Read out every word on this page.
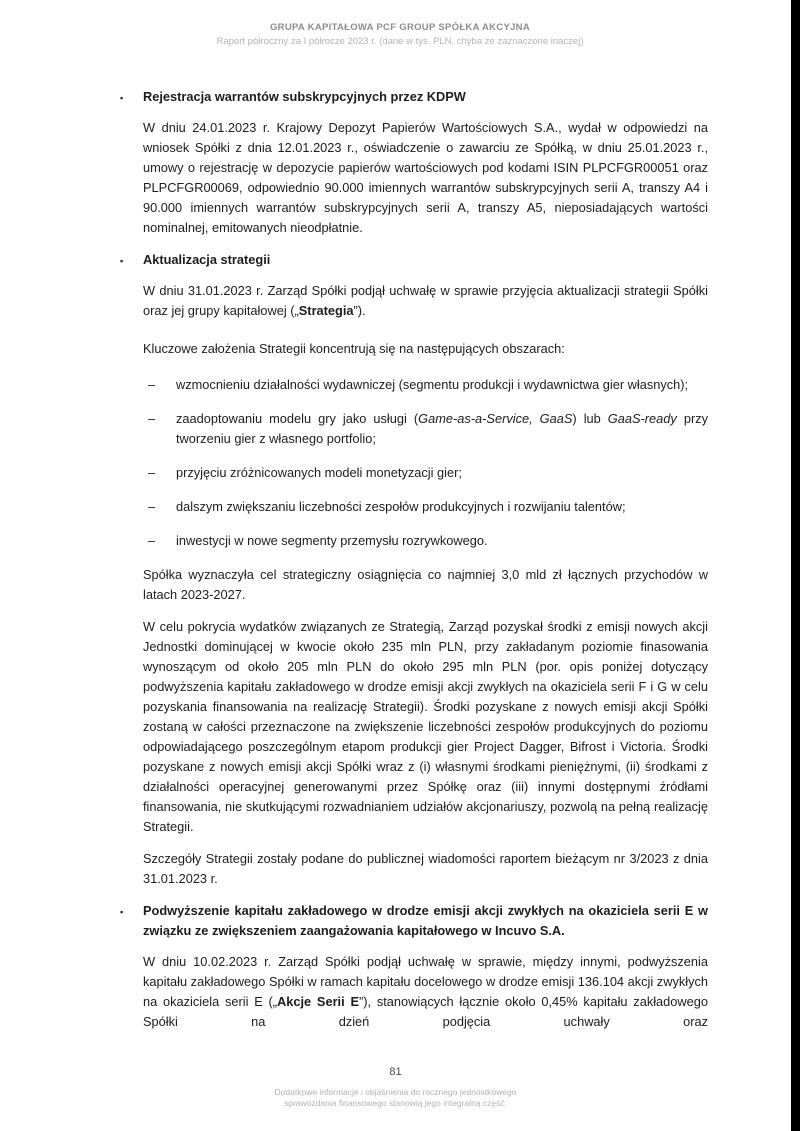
GRUPA KAPITAŁOWA PCF GROUP SPÓŁKA AKCYJNA
Raport półroczny za I półrocze 2023 r. (dane w tys. PLN, chyba że zaznaczone inaczej)
▪ Rejestracja warrantów subskrypcyjnych przez KDPW

W dniu 24.01.2023 r. Krajowy Depozyt Papierów Wartościowych S.A., wydał w odpowiedzi na wniosek Spółki z dnia 12.01.2023 r., oświadczenie o zawarciu ze Spółką, w dniu 25.01.2023 r., umowy o rejestrację w depozycie papierów wartościowych pod kodami ISIN PLPCFGR00051 oraz PLPCFGR00069, odpowiednio 90.000 imiennych warrantów subskrypcyjnych serii A, transzy A4 i 90.000 imiennych warrantów subskrypcyjnych serii A, transzy A5, nieposiadających wartości nominalnej, emitowanych nieodpłatnie.

▪ Aktualizacja strategii

W dniu 31.01.2023 r. Zarząd Spółki podjął uchwałę w sprawie przyjęcia aktualizacji strategii Spółki oraz jej grupy kapitałowej („Strategia”).

Kluczowe założenia Strategii koncentrują się na następujących obszarach:

–	wzmocnieniu działalności wydawniczej (segmentu produkcji i wydawnictwa gier własnych);
–	zaadoptowaniu modelu gry jako usługi (Game-as-a-Service, GaaS) lub GaaS-ready przy tworzeniu gier z własnego portfolio;
–	przyjęciu zróżnicowanych modeli monetyzacji gier;
–	dalszym zwiększaniu liczebności zespołów produkcyjnych i rozwijaniu talentów;
–	inwestycji w nowe segmenty przemysłu rozrywkowego.

Spółka wyznaczyła cel strategiczny osiągnięcia co najmniej 3,0 mld zł łącznych przychodów w latach 2023-2027.

W celu pokrycia wydatków związanych ze Strategią, Zarząd pozyskał środki z emisji nowych akcji Jednostki dominującej w kwocie około 235 mln PLN, przy zakładanym poziomie finasowania wynoszącym od około 205 mln PLN do około 295 mln PLN (por. opis poniżej dotyczący podwyższenia kapitału zakładowego w drodze emisji akcji zwykłych na okaziciela serii F i G w celu pozyskania finansowania na realizację Strategii). Środki pozyskane z nowych emisji akcji Spółki zostaną w całości przeznaczone na zwiększenie liczebności zespołów produkcyjnych do poziomu odpowiadającego poszczególnym etapom produkcji gier Project Dagger, Bifrost i Victoria. Środki pozyskane z nowych emisji akcji Spółki wraz z (i) własnymi środkami pieniężnymi, (ii) środkami z działalności operacyjnej generowanymi przez Spółkę oraz (iii) innymi dostępnymi źródłami finansowania, nie skutkującymi rozwadnianiem udziałów akcjonariuszy, pozwolą na pełną realizację Strategii.

Szczegóły Strategii zostały podane do publicznej wiadomości raportem bieżącym nr 3/2023 z dnia 31.01.2023 r.

▪ Podwyższenie kapitału zakładowego w drodze emisji akcji zwykłych na okaziciela serii E w związku ze zwiększeniem zaangażowania kapitałowego w Incuvo S.A.

W dniu 10.02.2023 r. Zarząd Spółki podjął uchwałę w sprawie, między innymi, podwyższenia kapitału zakładowego Spółki w ramach kapitału docelowego w drodze emisji 136.104 akcji zwykłych na okaziciela serii E („Akcje Serii E”), stanowiących łącznie około 0,45% kapitału zakładowego Spółki na dzień podjęcia uchwały oraz

81
Dodatkowe informacje i objaśnienia do rocznego jednostkowego
sprawozdania finansowego stanowią jego integralną część.
